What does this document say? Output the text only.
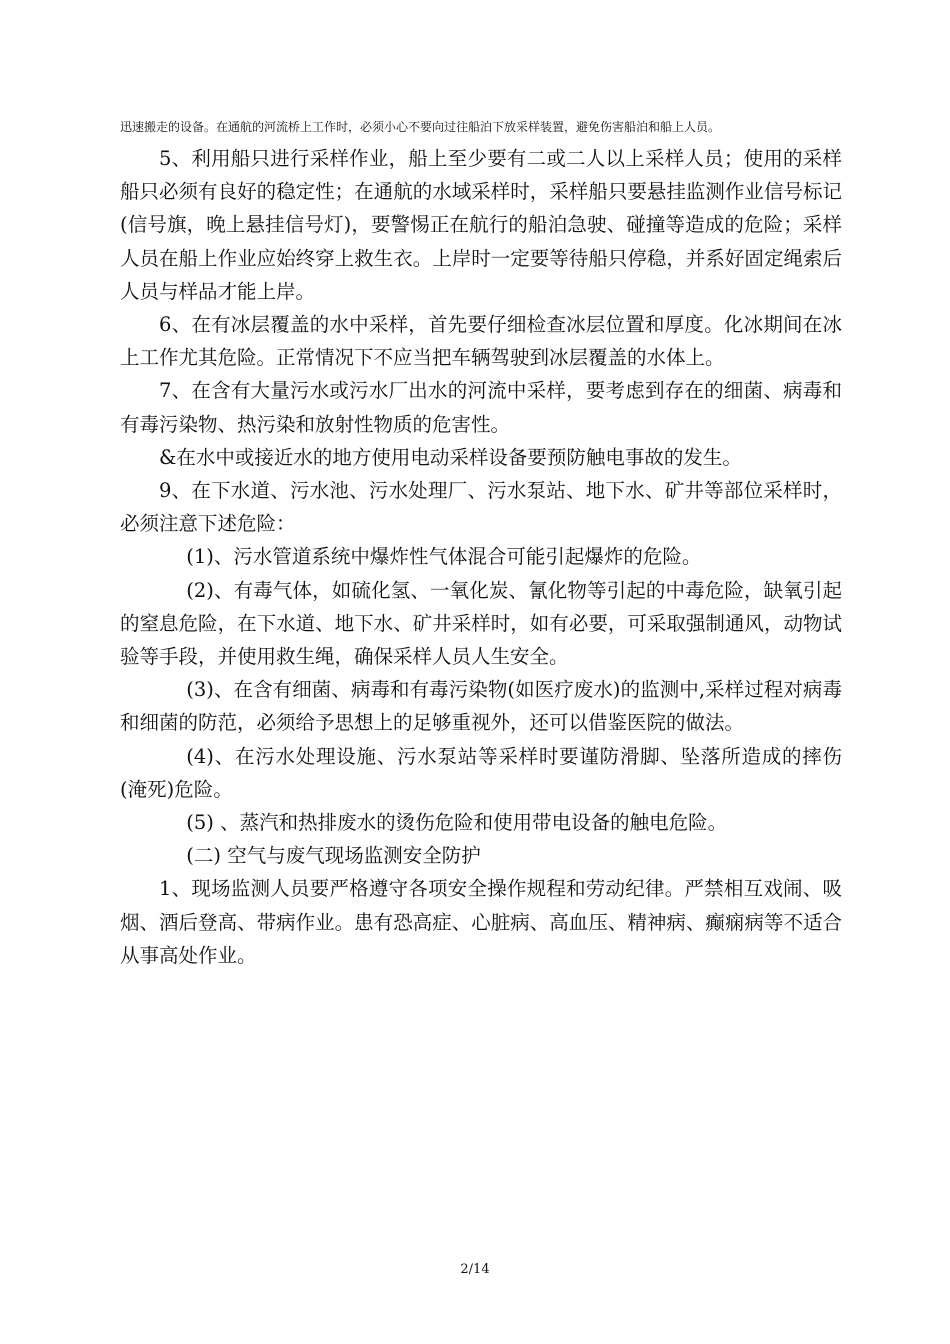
迅速搬走的设备。在通航的河流桥上工作时，必须小心不要向过往船泊下放采样装置，避免伤害船泊和船上人员。

5、利用船只进行采样作业，船上至少要有二或二人以上采样人员；使用的采样船只必须有良好的稳定性；在通航的水域采样时，采样船只要悬挂监测作业信号标记(信号旗，晚上悬挂信号灯)，要警惕正在航行的船泊急驶、碰撞等造成的危险；采样人员在船上作业应始终穿上救生衣。上岸时一定要等待船只停稳，并系好固定绳索后人员与样品才能上岸。

6、在有冰层覆盖的水中采样，首先要仔细检查冰层位置和厚度。化冰期间在冰上工作尤其危险。正常情况下不应当把车辆驾驶到冰层覆盖的水体上。

7、在含有大量污水或污水厂出水的河流中采样，要考虑到存在的细菌、病毒和有毒污染物、热污染和放射性物质的危害性。

&在水中或接近水的地方使用电动采样设备要预防触电事故的发生。

9、在下水道、污水池、污水处理厂、污水泵站、地下水、矿井等部位采样时，必须注意下述危险：

(1)、污水管道系统中爆炸性气体混合可能引起爆炸的危险。

(2)、有毒气体，如硫化氢、一氧化炭、氰化物等引起的中毒危险，缺氧引起的窒息危险，在下水道、地下水、矿井采样时，如有必要，可采取强制通风，动物试验等手段，并使用救生绳，确保采样人员人生安全。

(3)、在含有细菌、病毒和有毒污染物(如医疗废水)的监测中,采样过程对病毒和细菌的防范，必须给予思想上的足够重视外，还可以借鉴医院的做法。

(4)、在污水处理设施、污水泵站等采样时要谨防滑脚、坠落所造成的摔伤(淹死)危险。

(5) 、蒸汽和热排废水的烫伤危险和使用带电设备的触电危险。

(二) 空气与废气现场监测安全防护

1、现场监测人员要严格遵守各项安全操作规程和劳动纪律。严禁相互戏闹、吸烟、酒后登高、带病作业。患有恐高症、心脏病、高血压、精神病、癫痫病等不适合从事高处作业。

2/14
